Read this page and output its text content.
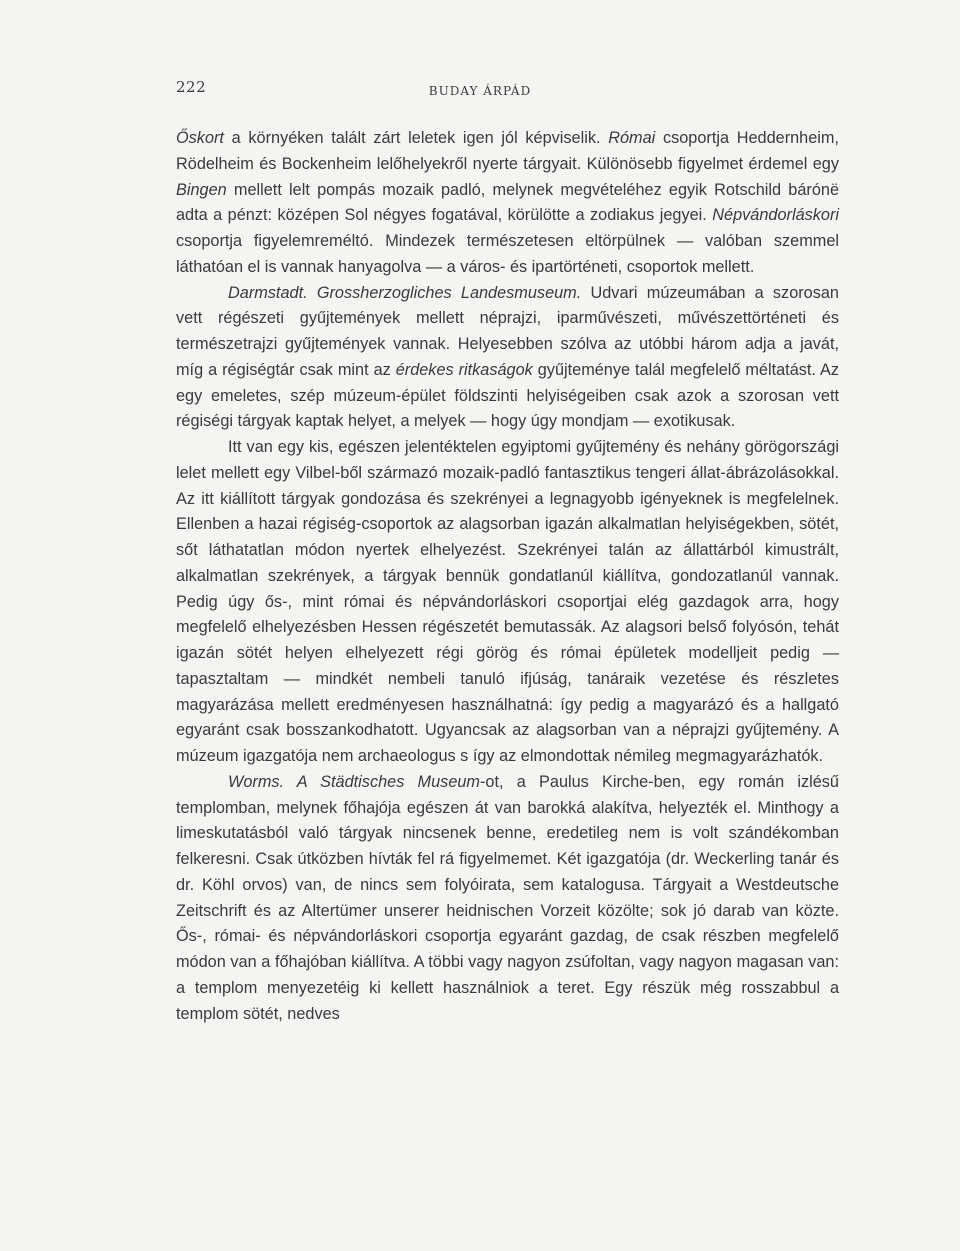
222	BUDAY ÁRPÁD

Őskort a környéken talált zárt leletek igen jól képviselik. Római csoportja Heddernheim, Rödelheim és Bockenheim lelőhelyekről nyerte tárgyait. Különösebb figyelmet érdemel egy Bingen mellett lelt pompás mozaik padló, melynek megvételéhez egyik Rotschild bárónë adta a pénzt: középen Sol négyes fogatával, körülötte a zodiakus jegyei. Népvándorláskori csoportja figyelemreméltó. Mindezek természetesen eltörpülnek — valóban szemmel láthatóan el is vannak hanyagolva — a város- és ipartörténeti, csoportok mellett.

Darmstadt. Grossherzogliches Landesmuseum. Udvari múzeumában a szorosan vett régészeti gyűjtemények mellett néprajzi, iparművészeti, művészettörténeti és természetrajzi gyűjtemények vannak. Helyesebben szólva az utóbbi három adja a javát, míg a régiségtár csak mint az érdekes ritkaságok gyűjteménye talál megfelelő méltatást. Az egy emeletes, szép múzeum-épület földszinti helyiségeiben csak azok a szorosan vett régiségi tárgyak kaptak helyet, a melyek — hogy úgy mondjam — exotikusak.

Itt van egy kis, egészen jelentéktelen egyiptomi gyűjtemény és nehány görögországi lelet mellett egy Vilbel-ből származó mozaik-padló fantasztikus tengeri állat-ábrázolásokkal. Az itt kiállított tárgyak gondozása és szekrényei a legnagyobb igényeknek is megfelelnek. Ellenben a hazai régiség-csoportok az alagsorban igazán alkalmatlan helyiségekben, sötét, sőt láthatatlan módon nyertek elhelyezést. Szekrényei talán az állattárból kimustrált, alkalmatlan szekrények, a tárgyak bennük gondatlanúl kiállítva, gondozatlanúl vannak. Pedig úgy ős-, mint római és népvándorláskori csoportjai elég gazdagok arra, hogy megfelelő elhelyezésben Hessen régészetét bemutassák. Az alagsori belső folyósón, tehát igazán sötét helyen elhelyezett régi görög és római épületek modelljeit pedig — tapasztaltam — mindkét nembeli tanuló ifjúság, tanáraik vezetése és részletes magyarázása mellett eredményesen használhatná: így pedig a magyarázó és a hallgató egyaránt csak bosszankodhatott. Ugyancsak az alagsorban van a néprajzi gyűjtemény. A múzeum igazgatója nem archaeologus s így az elmondottak némileg megmagyarázhatók.

Worms. A Städtisches Museum-ot, a Paulus Kirche-ben, egy román izlésű templomban, melynek főhajója egészen át van barokká alakítva, helyezték el. Minthogy a limeskutatásból való tárgyak nincsenek benne, eredetileg nem is volt szándékomban felkeresni. Csak útközben hívták fel rá figyelmemet. Két igazgatója (dr. Weckerling tanár és dr. Köhl orvos) van, de nincs sem folyóirata, sem katalogusa. Tárgyait a Westdeutsche Zeitschrift és az Altertümer unserer heidnischen Vorzeit közölte; sok jó darab van közte. Ős-, római- és népvándorláskori csoportja egyaránt gazdag, de csak részben megfelelő módon van a főhajóban kiállítva. A többi vagy nagyon zsúfoltan, vagy nagyon magasan van: a templom menyezetéig ki kellett használniok a teret. Egy részük még rosszabbul a templom sötét, nedves
